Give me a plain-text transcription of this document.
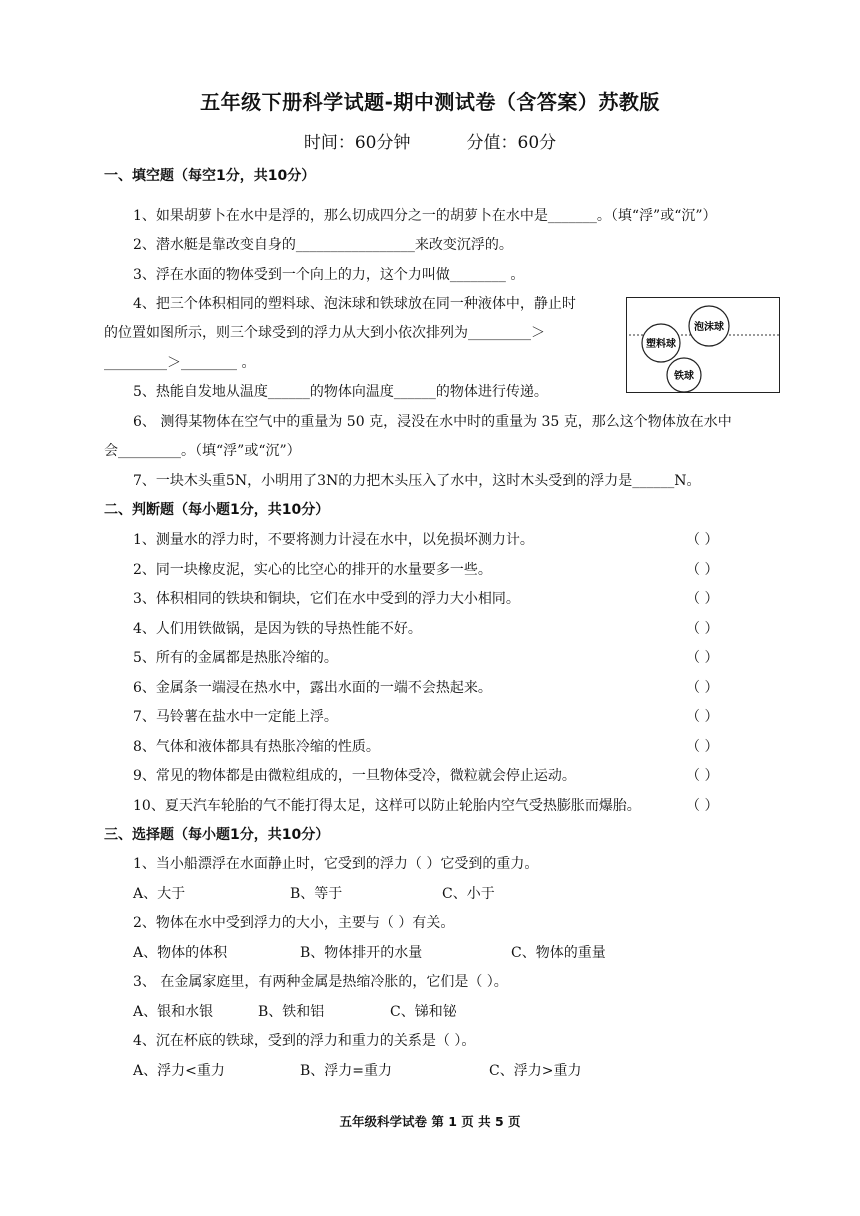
五年级下册科学试题-期中测试卷（含答案）苏教版
时间：60分钟	分值：60分
一、填空题（每空1分，共10分）
1、如果胡萝卜在水中是浮的，那么切成四分之一的胡萝卜在水中是_______。（填“浮”或“沉”）
2、潜水艇是靠改变自身的_________________来改变沉浮的。
3、浮在水面的物体受到一个向上的力，这个力叫做________ 。
4、把三个体积相同的塑料球、泡沫球和铁球放在同一种液体中，静止时
的位置如图所示，则三个球受到的浮力从大到小依次排列为_________＞
_________＞________ 。
泡沫球
塑料球
铁球
5、热能自发地从温度______的物体向温度______的物体进行传递。
6、 测得某物体在空气中的重量为 50 克，浸没在水中时的重量为 35 克，那么这个物体放在水中
会_________。（填“浮”或“沉”）
7、一块木头重5N，小明用了3N的力把木头压入了水中，这时木头受到的浮力是______N。
二、判断题（每小题1分，共10分）
1、测量水的浮力时，不要将测力计浸在水中，以免损坏测力计。	（ ）
2、同一块橡皮泥，实心的比空心的排开的水量要多一些。	（ ）
3、体积相同的铁块和铜块，它们在水中受到的浮力大小相同。	（ ）
4、人们用铁做锅，是因为铁的导热性能不好。	（ ）
5、所有的金属都是热胀冷缩的。	（ ）
6、金属条一端浸在热水中，露出水面的一端不会热起来。	（ ）
7、马铃薯在盐水中一定能上浮。	（ ）
8、气体和液体都具有热胀冷缩的性质。	（ ）
9、常见的物体都是由微粒组成的，一旦物体受冷，微粒就会停止运动。	（ ）
10、夏天汽车轮胎的气不能打得太足，这样可以防止轮胎内空气受热膨胀而爆胎。	（ ）
三、选择题（每小题1分，共10分）
1、当小船漂浮在水面静止时，它受到的浮力（ ）它受到的重力。
A、大于	B、等于	C、小于
2、物体在水中受到浮力的大小，主要与（ ）有关。
A、物体的体积	B、物体排开的水量	C、物体的重量
3、 在金属家庭里，有两种金属是热缩冷胀的，它们是（ ）。
A、银和水银	B、铁和铝	C、锑和铋
4、沉在杯底的铁球，受到的浮力和重力的关系是（ ）。
A、浮力<重力	B、浮力=重力	C、浮力>重力
五年级科学试卷 第 1 页 共 5 页
